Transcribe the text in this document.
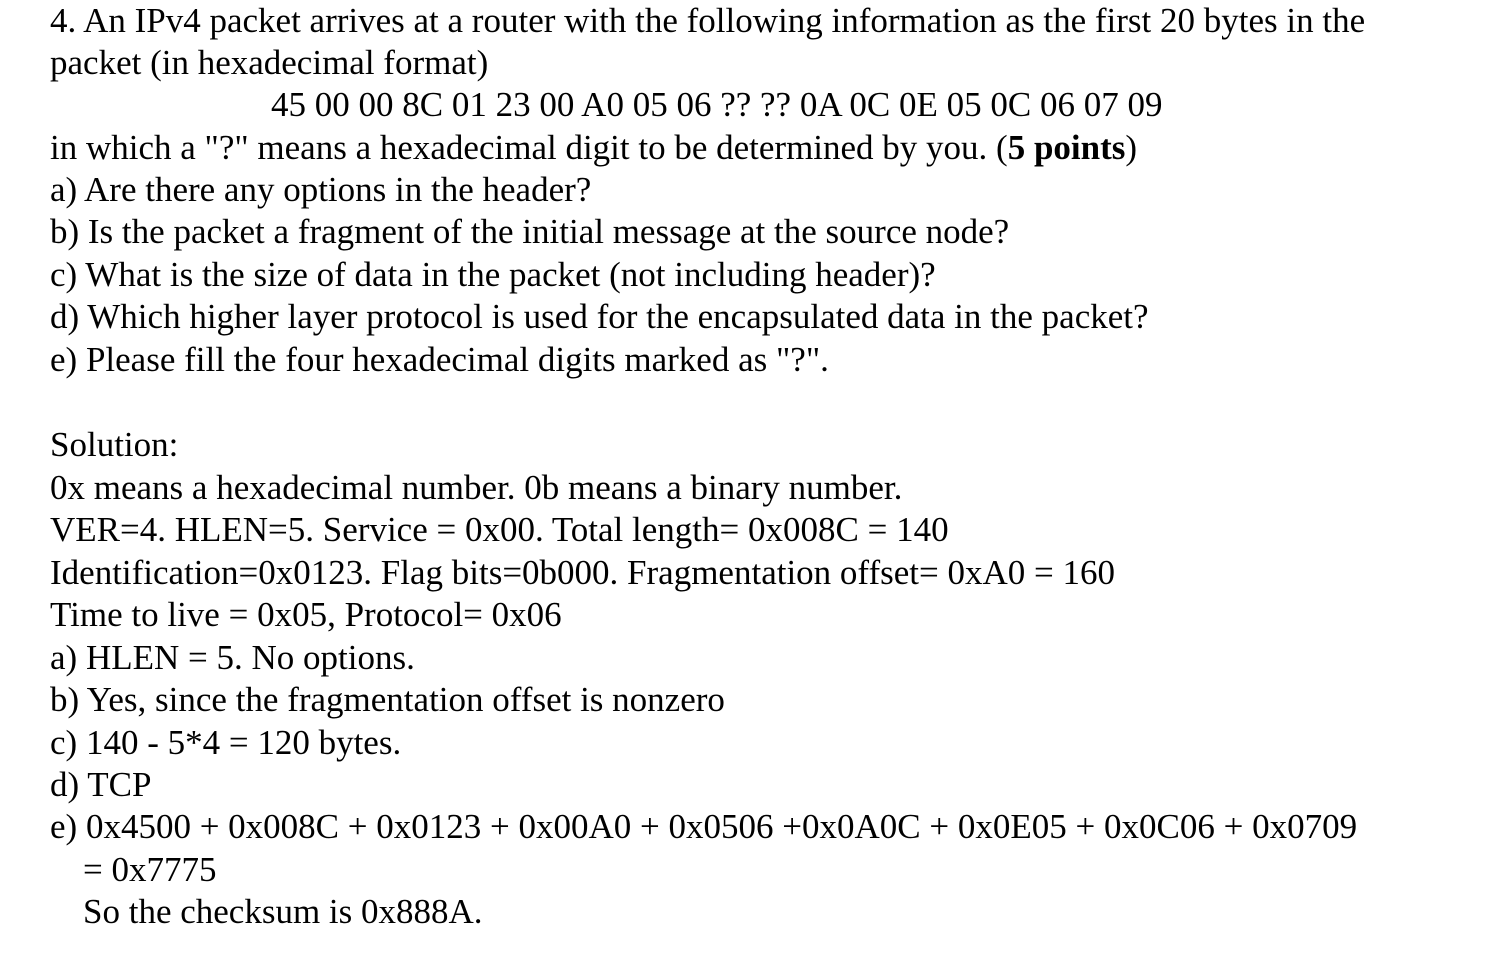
4. An IPv4 packet arrives at a router with the following information as the first 20 bytes in the
packet (in hexadecimal format)
45 00 00 8C 01 23 00 A0 05 06 ?? ?? 0A 0C 0E 05 0C 06 07 09
in which a "?" means a hexadecimal digit to be determined by you. (5 points)
a) Are there any options in the header?
b) Is the packet a fragment of the initial message at the source node?
c) What is the size of data in the packet (not including header)?
d) Which higher layer protocol is used for the encapsulated data in the packet?
e) Please fill the four hexadecimal digits marked as "?".
Solution:
0x means a hexadecimal number. 0b means a binary number.
VER=4. HLEN=5. Service = 0x00. Total length= 0x008C = 140
Identification=0x0123. Flag bits=0b000. Fragmentation offset= 0xA0 = 160
Time to live = 0x05, Protocol= 0x06
a) HLEN = 5. No options.
b) Yes, since the fragmentation offset is nonzero
c) 140 - 5*4 = 120 bytes.
d) TCP
e) 0x4500 + 0x008C + 0x0123 + 0x00A0 + 0x0506 +0x0A0C + 0x0E05 + 0x0C06 + 0x0709
= 0x7775
So the checksum is 0x888A.
